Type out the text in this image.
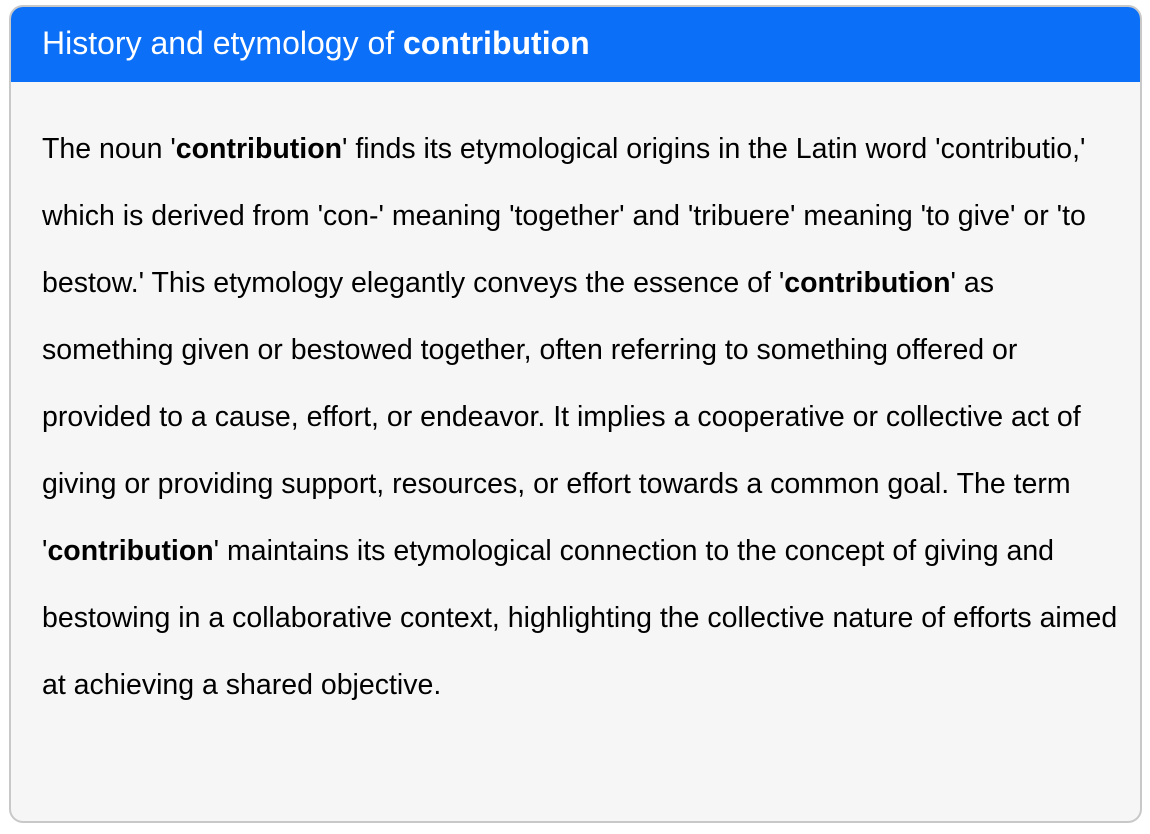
History and etymology of contribution
The noun 'contribution' finds its etymological origins in the Latin word 'contributio,' which is derived from 'con-' meaning 'together' and 'tribuere' meaning 'to give' or 'to bestow.' This etymology elegantly conveys the essence of 'contribution' as something given or bestowed together, often referring to something offered or provided to a cause, effort, or endeavor. It implies a cooperative or collective act of giving or providing support, resources, or effort towards a common goal. The term 'contribution' maintains its etymological connection to the concept of giving and bestowing in a collaborative context, highlighting the collective nature of efforts aimed at achieving a shared objective.
